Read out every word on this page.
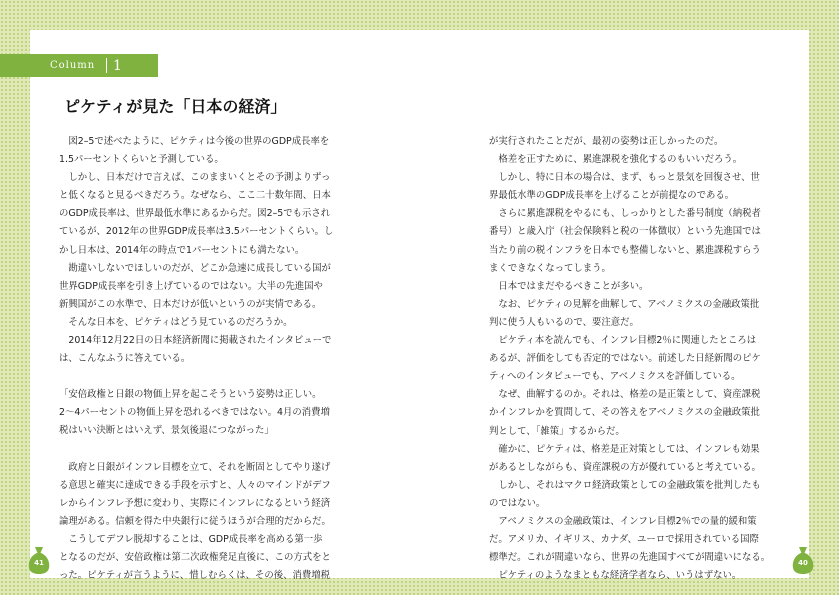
Column	1
ピケティが見た「日本の経済」

　図2–5で述べたように、ピケティは今後の世界のGDP成長率を

1.5パーセントくらいと予測している。

　しかし、日本だけで言えば、このままいくとその予測よりずっ

と低くなると見るべきだろう。なぜなら、ここ二十数年間、日本

のGDP成長率は、世界最低水準にあるからだ。図2–5でも示され

ているが、2012年の世界GDP成長率は3.5パーセントくらい。し

かし日本は、2014年の時点で1パーセントにも満たない。

　勘違いしないでほしいのだが、どこか急速に成長している国が

世界GDP成長率を引き上げているのではない。大半の先進国や

新興国がこの水準で、日本だけが低いというのが実情である。

　そんな日本を、ピケティはどう見ているのだろうか。

　2014年12月22日の日本経済新聞に掲載されたインタビューで

は、こんなふうに答えている。

「安倍政権と日銀の物価上昇を起こそうという姿勢は正しい。

2〜4パーセントの物価上昇を恐れるべきではない。4月の消費増

税はいい決断とはいえず、景気後退につながった」

　政府と日銀がインフレ目標を立て、それを断固としてやり遂げ

る意思と確実に達成できる手段を示すと、人々のマインドがデフ

レからインフレ予想に変わり、実際にインフレになるという経済

論理がある。信頼を得た中央銀行に従うほうが合理的だからだ。

　こうしてデフレ脱却することは、GDP成長率を高める第一歩

となるのだが、安倍政権は第二次政権発足直後に、この方式をと

った。ピケティが言うように、惜しむらくは、その後、消費増税

が実行されたことだが、最初の姿勢は正しかったのだ。

　格差を正すために、累進課税を強化するのもいいだろう。

　しかし、特に日本の場合は、まず、もっと景気を回復させ、世

界最低水準のGDP成長率を上げることが前提なのである。

　さらに累進課税をやるにも、しっかりとした番号制度（納税者

番号）と歳入庁（社会保険料と税の一体徴収）という先進国では

当たり前の税インフラを日本でも整備しないと、累進課税すらう

まくできなくなってしまう。

　日本ではまだやるべきことが多い。

　なお、ピケティの見解を曲解して、アベノミクスの金融政策批

判に使う人もいるので、要注意だ。

　ピケティ本を読んでも、インフレ目標2％に関連したところは

あるが、評価をしても否定的ではない。前述した日経新聞のピケ

ティへのインタビューでも、アベノミクスを評価している。

　なぜ、曲解するのか。それは、格差の是正策として、資産課税

かインフレかを質問して、その答えをアベノミクスの金融政策批

判として、「雑策」するからだ。

　確かに、ピケティは、格差是正対策としては、インフレも効果

があるとしながらも、資産課税の方が優れていると考えている。

　しかし、それはマクロ経済政策としての金融政策を批判したも

のではない。

　アベノミクスの金融政策は、インフレ目標2％での量的緩和策

だ。アメリカ、イギリス、カナダ、ユーロで採用されている国際

標準だ。これが間違いなら、世界の先進国すべてが間違いになる。

　ピケティのようなまともな経済学者なら、いうはずない。

41	40
